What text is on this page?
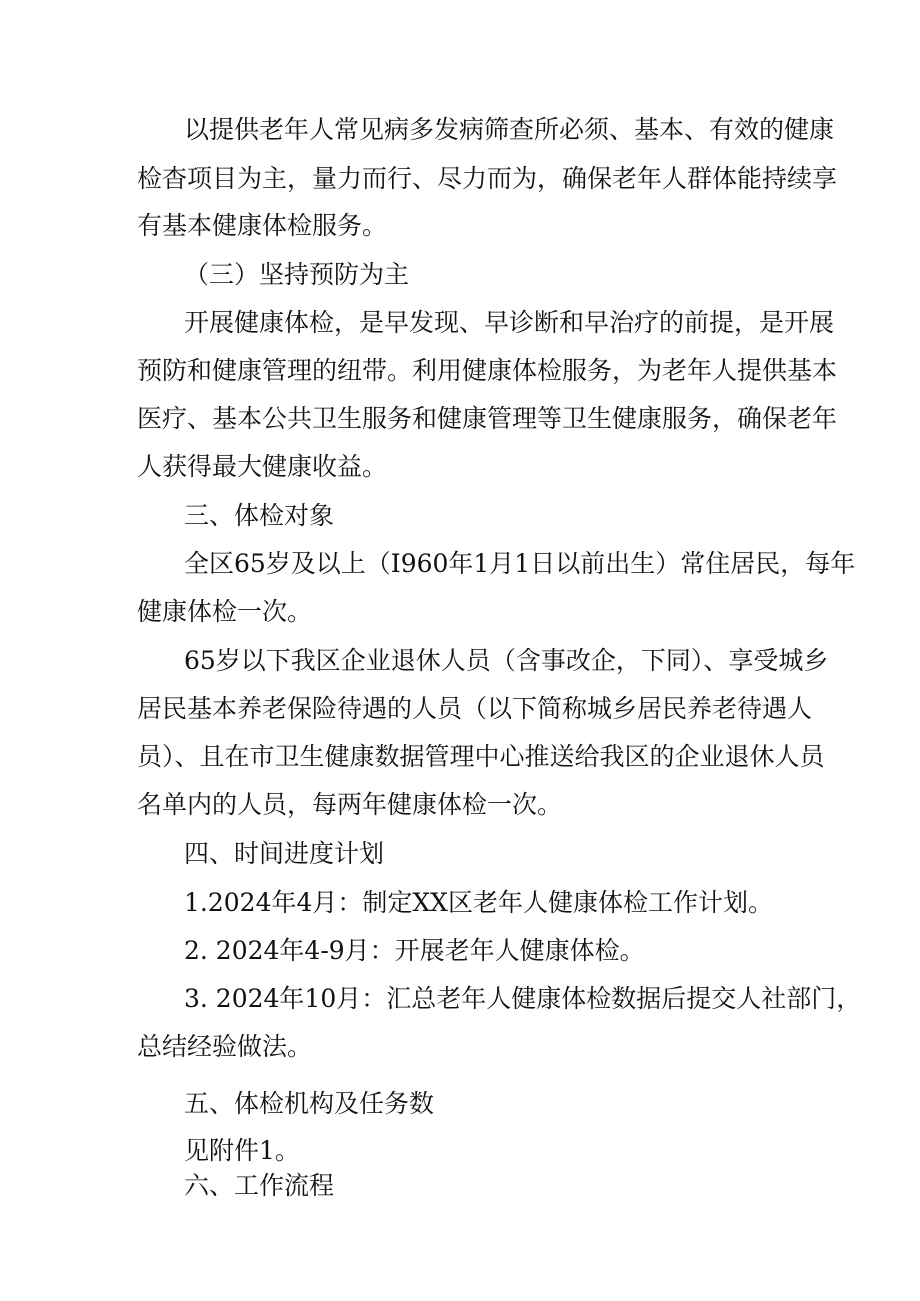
以提供老年人常见病多发病筛查所必须、基本、有效的健康
检杳项目为主，量力而行、尽力而为，确保老年人群体能持续享
有基本健康体检服务。
（三）坚持预防为主
开展健康体检，是早发现、早诊断和早治疗的前提，是开展
预防和健康管理的纽带。利用健康体检服务，为老年人提供基本
医疗、基本公共卫生服务和健康管理等卫生健康服务，确保老年
人获得最大健康收益。
三、体检对象
全区65岁及以上（I960年1月1日以前出生）常住居民，每年
健康体检一次。
65岁以下我区企业退休人员（含事改企，下同）、享受城乡
居民基本养老保险待遇的人员（以下简称城乡居民养老待遇人
员）、且在市卫生健康数据管理中心推送给我区的企业退休人员
名单内的人员，每两年健康体检一次。
四、时间进度计划
1.2024年4月：制定XX区老年人健康体检工作计划。
2. 2024年4-9月：开展老年人健康体检。
3. 2024年10月：汇总老年人健康体检数据后提交人社部门，
总结经验做法。
五、体检机构及任务数
见附件1。
六、工作流程
